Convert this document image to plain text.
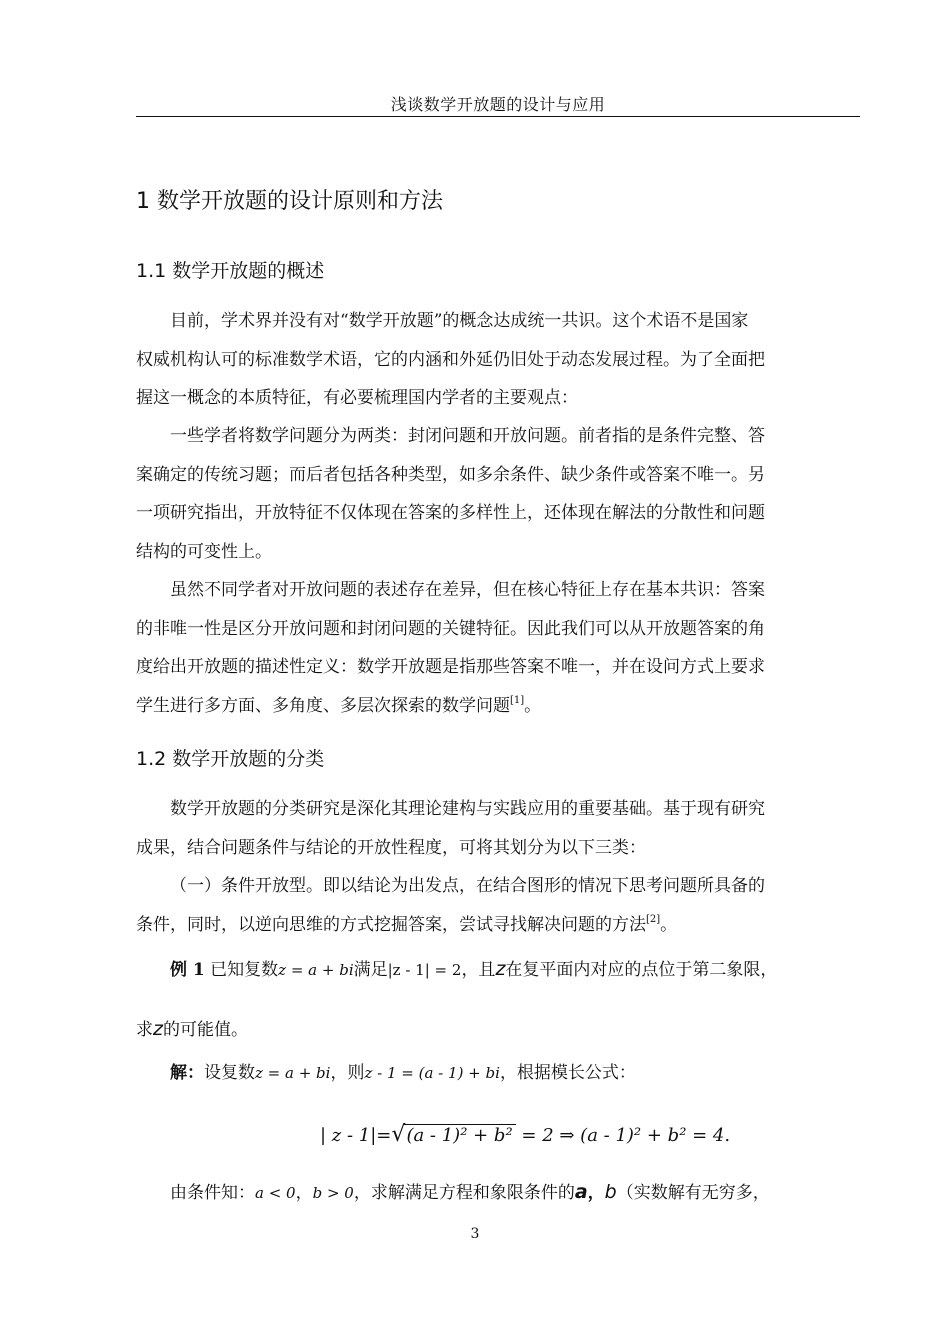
浅谈数学开放题的设计与应用
1 数学开放题的设计原则和方法
1.1 数学开放题的概述

目前，学术界并没有对“数学开放题”的概念达成统一共识。这个术语不是国家
权威机构认可的标准数学术语，它的内涵和外延仍旧处于动态发展过程。为了全面把
握这一概念的本质特征，有必要梳理国内学者的主要观点：

一些学者将数学问题分为两类：封闭问题和开放问题。前者指的是条件完整、答
案确定的传统习题；而后者包括各种类型，如多余条件、缺少条件或答案不唯一。另
一项研究指出，开放特征不仅体现在答案的多样性上，还体现在解法的分散性和问题
结构的可变性上。

虽然不同学者对开放问题的表述存在差异，但在核心特征上存在基本共识：答案
的非唯一性是区分开放问题和封闭问题的关键特征。因此我们可以从开放题答案的角
度给出开放题的描述性定义：数学开放题是指那些答案不唯一，并在设问方式上要求
学生进行多方面、多角度、多层次探索的数学问题[1]。

1.2 数学开放题的分类

数学开放题的分类研究是深化其理论建构与实践应用的重要基础。基于现有研究
成果，结合问题条件与结论的开放性程度，可将其划分为以下三类：

（一）条件开放型。即以结论为出发点，在结合图形的情况下思考问题所具备的
条件，同时，以逆向思维的方式挖掘答案，尝试寻找解决问题的方法[2]。

例 1 已知复数z = a + bi满足|z - 1| = 2，且z在复平面内对应的点位于第二象限，
求z的可能值。
解：设复数z = a + bi，则z - 1 = (a - 1) + bi，根据模长公式：
| z - 1|=√(a - 1)² + b² = 2 ⇒ (a - 1)² + b² = 4.
由条件知：a < 0，b > 0，求解满足方程和象限条件的a，b（实数解有无穷多，
3
